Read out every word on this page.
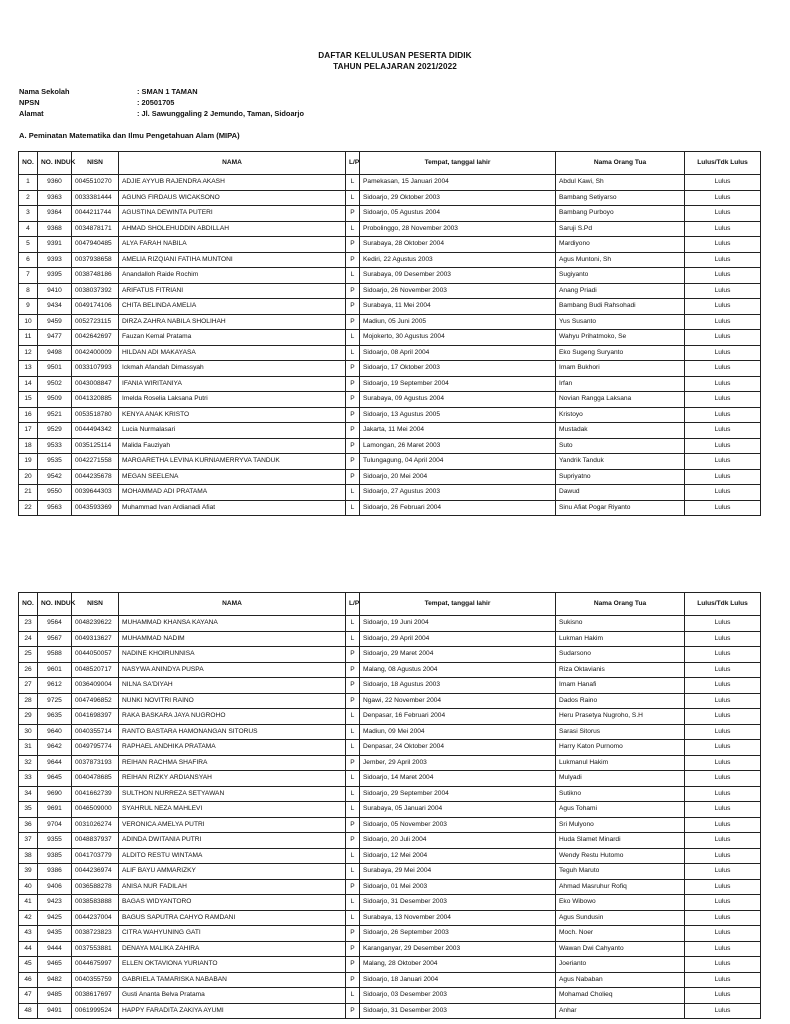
DAFTAR KELULUSAN PESERTA DIDIK
TAHUN PELAJARAN 2021/2022
Nama Sekolah	: SMAN 1 TAMAN
NPSN	: 20501705
Alamat	: Jl. Sawunggaling 2 Jemundo, Taman, Sidoarjo
A. Peminatan Matematika dan Ilmu Pengetahuan Alam (MIPA)
NO.	NO. INDUK	NISN	NAMA	L/P	Tempat, tanggal lahir	Nama Orang Tua	Lulus/Tdk Lulus
1	9360	0045510270	ADJIE AYYUB RAJENDRA AKASH	L	Pamekasan, 15 Januari 2004	Abdul Kawi, Sh	Lulus
2	9363	0033381444	AGUNG FIRDAUS WICAKSONO	L	Sidoarjo, 29 Oktober 2003	Bambang Setiyarso	Lulus
3	9364	0044211744	AGUSTINA DEWINTA PUTERI	P	Sidoarjo, 05 Agustus 2004	Bambang Purboyo	Lulus
4	9368	0034878171	AHMAD SHOLEHUDDIN ABDILLAH	L	Probolinggo, 28 November 2003	Saruji S.Pd	Lulus
5	9391	0047940485	ALYA FARAH NABILA	P	Surabaya, 28 Oktober 2004	Mardiyono	Lulus
6	9393	0037938658	AMELIA RIZQIANI FATIHA MUNTONI	P	Kediri, 22 Agustus 2003	Agus Muntoni, Sh	Lulus
7	9395	0038748186	Anandalloh Raide Rochim	L	Surabaya, 09 Desember 2003	Sugiyanto	Lulus
8	9410	0038037392	ARIFATUS FITRIANI	P	Sidoarjo, 26 November 2003	Anang Priadi	Lulus
9	9434	0049174106	CHITA BELINDA AMELIA	P	Surabaya, 11 Mei 2004	Bambang Budi Rahsohadi	Lulus
10	9459	0052723115	DIRZA ZAHRA NABILA SHOLIHAH	P	Madiun, 05 Juni 2005	Yus Susanto	Lulus
11	9477	0042642697	Fauzan Kemal Pratama	L	Mojokerto, 30 Agustus 2004	Wahyu Prihatmoko, Se	Lulus
12	9498	0042400009	HILDAN ADI MAKAYASA	L	Sidoarjo, 08 April 2004	Eko Sugeng Suryanto	Lulus
13	9501	0033107993	Ickmah Afandah Dimassyah	P	Sidoarjo, 17 Oktober 2003	Imam Bukhori	Lulus
14	9502	0043008847	IFANIA WIRITANIYA	P	Sidoarjo, 19 September 2004	Irfan	Lulus
15	9509	0041320885	Imelda Roselia Laksana Putri	P	Surabaya, 09 Agustus 2004	Novian Rangga Laksana	Lulus
16	9521	0053518780	KENYA ANAK KRISTO	P	Sidoarjo, 13 Agustus 2005	Kristoyo	Lulus
17	9529	0044494342	Lucia Nurmalasari	P	Jakarta, 11 Mei 2004	Mustadak	Lulus
18	9533	0035125114	Malida Fauziyah	P	Lamongan, 26 Maret 2003	Suto	Lulus
19	9535	0042271558	MARGARETHA LEVINA KURNIAMERRYVA TANDUK	P	Tulungagung, 04 April 2004	Yandrik Tanduk	Lulus
20	9542	0044235678	MEGAN SEELENA	P	Sidoarjo, 20 Mei 2004	Supriyatno	Lulus
21	9550	0039644303	MOHAMMAD ADI PRATAMA	L	Sidoarjo, 27 Agustus 2003	Dawud	Lulus
22	9563	0043593369	Muhammad Ivan Ardianadi Afiat	L	Sidoarjo, 26 Februari 2004	Sinu Afiat Pogar Riyanto	Lulus
NO.	NO. INDUK	NISN	NAMA	L/P	Tempat, tanggal lahir	Nama Orang Tua	Lulus/Tdk Lulus
23	9564	0048239622	MUHAMMAD KHANSA KAYANA	L	Sidoarjo, 19 Juni 2004	Sukisno	Lulus
24	9567	0049313627	MUHAMMAD NADIM	L	Sidoarjo, 29 April 2004	Lukman Hakim	Lulus
25	9588	0044050057	NADINE KHOIRUNNISA	P	Sidoarjo, 29 Maret 2004	Sudarsono	Lulus
26	9601	0048520717	NASYWA ANINDYA PUSPA	P	Malang, 08 Agustus 2004	Riza Oktavianis	Lulus
27	9612	0036409004	NILNA SA'DIYAH	P	Sidoarjo, 18 Agustus 2003	Imam Hanafi	Lulus
28	9725	0047496852	NUNKI NOVITRI RAINO	P	Ngawi, 22 November 2004	Dados Raino	Lulus
29	9635	0041698397	RAKA BASKARA JAYA NUGROHO	L	Denpasar, 16 Februari 2004	Heru Prasetya Nugroho, S.H	Lulus
30	9640	0040355714	RANTO BASTARA HAMONANGAN SITORUS	L	Madiun, 09 Mei 2004	Sarasi Sitorus	Lulus
31	9642	0049795774	RAPHAEL ANDHIKA PRATAMA	L	Denpasar, 24 Oktober 2004	Harry Katon Purnomo	Lulus
32	9644	0037873193	REIHAN RACHMA SHAFIRA	P	Jember, 29 April 2003	Lukmanul Hakim	Lulus
33	9645	0040478685	REIHAN RIZKY ARDIANSYAH	L	Sidoarjo, 14 Maret 2004	Mulyadi	Lulus
34	9690	0041662739	SULTHON NURREZA SETYAWAN	L	Sidoarjo, 29 September 2004	Sutikno	Lulus
35	9691	0046509000	SYAHRUL NEZA MAHLEVI	L	Surabaya, 05 Januari 2004	Agus Tohami	Lulus
36	9704	0031026274	VERONICA AMELYA PUTRI	P	Sidoarjo, 05 November 2003	Sri Mulyono	Lulus
37	9355	0048837937	ADINDA DWITANIA PUTRI	P	Sidoarjo, 20 Juli 2004	Huda Slamet Minardi	Lulus
38	9385	0041703779	ALDITO RESTU WINTAMA	L	Sidoarjo, 12 Mei 2004	Wendy Restu Hutomo	Lulus
39	9386	0044236974	ALIF BAYU AMMARIZKY	L	Surabaya, 29 Mei 2004	Teguh Maruto	Lulus
40	9406	0036588278	ANISA NUR FADILAH	P	Sidoarjo, 01 Mei 2003	Ahmad Masruhur Rofiq	Lulus
41	9423	0038583888	BAGAS WIDYANTORO	L	Sidoarjo, 31 Desember 2003	Eko Wibowo	Lulus
42	9425	0044237004	BAGUS SAPUTRA CAHYO RAMDANI	L	Surabaya, 13 November 2004	Agus Sundusin	Lulus
43	9435	0038723823	CITRA WAHYUNING GATI	P	Sidoarjo, 26 September 2003	Moch. Noer	Lulus
44	9444	0037553881	DENAYA MALIKA ZAHIRA	P	Karanganyar, 29 Desember 2003	Wawan Dwi Cahyanto	Lulus
45	9465	0044675997	ELLEN OKTAVIONA YURIANTO	P	Malang, 28 Oktober 2004	Joerianto	Lulus
46	9482	0040355759	GABRIELA TAMARISKA NABABAN	P	Sidoarjo, 18 Januari 2004	Agus Nababan	Lulus
47	9485	0038617697	Gusti Ananta Belva Pratama	L	Sidoarjo, 03 Desember 2003	Mohamad Cholieq	Lulus
48	9491	0061999524	HAPPY FARADITA ZAKIYA AYUMI	P	Sidoarjo, 31 Desember 2003	Anhar	Lulus
